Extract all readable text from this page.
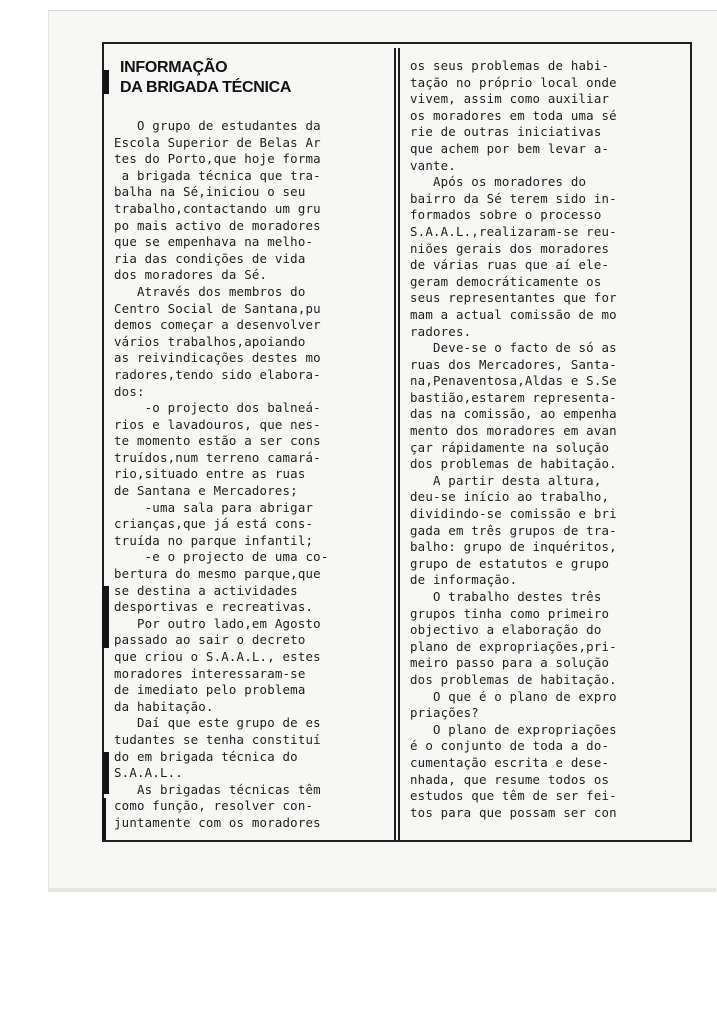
INFORMAÇÃO
DA BRIGADA TÉCNICA
O grupo de estudantes da
Escola Superior de Belas Ar
tes do Porto,que hoje forma
a brigada técnica que tra-
balha na Sé,iniciou o seu
trabalho,contactando um gru
po mais activo de moradores
que se empenhava na melho-
ria das condições de vida
dos moradores da Sé.
Através dos membros do
Centro Social de Santana,pu
demos começar a desenvolver
vários trabalhos,apoiando
as reivindicações destes mo
radores,tendo sido elabora-
dos:
-o projecto dos balneá-
rios e lavadouros, que nes-
te momento estão a ser cons
truídos,num terreno camará-
rio,situado entre as ruas
de Santana e Mercadores;
-uma sala para abrigar
crianças,que já está cons-
truída no parque infantil;
-e o projecto de uma co-
bertura do mesmo parque,que
se destina a actividades
desportivas e recreativas.
Por outro lado,em Agosto
passado ao sair o decreto
que criou o S.A.A.L., estes
moradores interessaram-se
de imediato pelo problema
da habitação.
Daí que este grupo de es
tudantes se tenha constituí
do em brigada técnica do
S.A.A.L..
As brigadas técnicas têm
como função, resolver con-
juntamente com os moradores
os seus problemas de habi-
tação no próprio local onde
vivem, assim como auxiliar
os moradores em toda uma sé
rie de outras iniciativas
que achem por bem levar a-
vante.
Após os moradores do
bairro da Sé terem sido in-
formados sobre o processo
S.A.A.L.,realizaram-se reu-
niões gerais dos moradores
de várias ruas que aí ele-
geram democráticamente os
seus representantes que for
mam a actual comissão de mo
radores.
Deve-se o facto de só as
ruas dos Mercadores, Santa-
na,Penaventosa,Aldas e S.Se
bastião,estarem representa-
das na comissão, ao empenha
mento dos moradores em avan
çar rápidamente na solução
dos problemas de habitação.
A partir desta altura,
deu-se início ao trabalho,
dividindo-se comissão e bri
gada em três grupos de tra-
balho: grupo de inquéritos,
grupo de estatutos e grupo
de informação.
O trabalho destes três
grupos tinha como primeiro
objectivo a elaboração do
plano de expropriações,pri-
meiro passo para a solução
dos problemas de habitação.
O que é o plano de expro
priações?
O plano de expropriações
é o conjunto de toda a do-
cumentação escrita e dese-
nhada, que resume todos os
estudos que têm de ser fei-
tos para que possam ser con
